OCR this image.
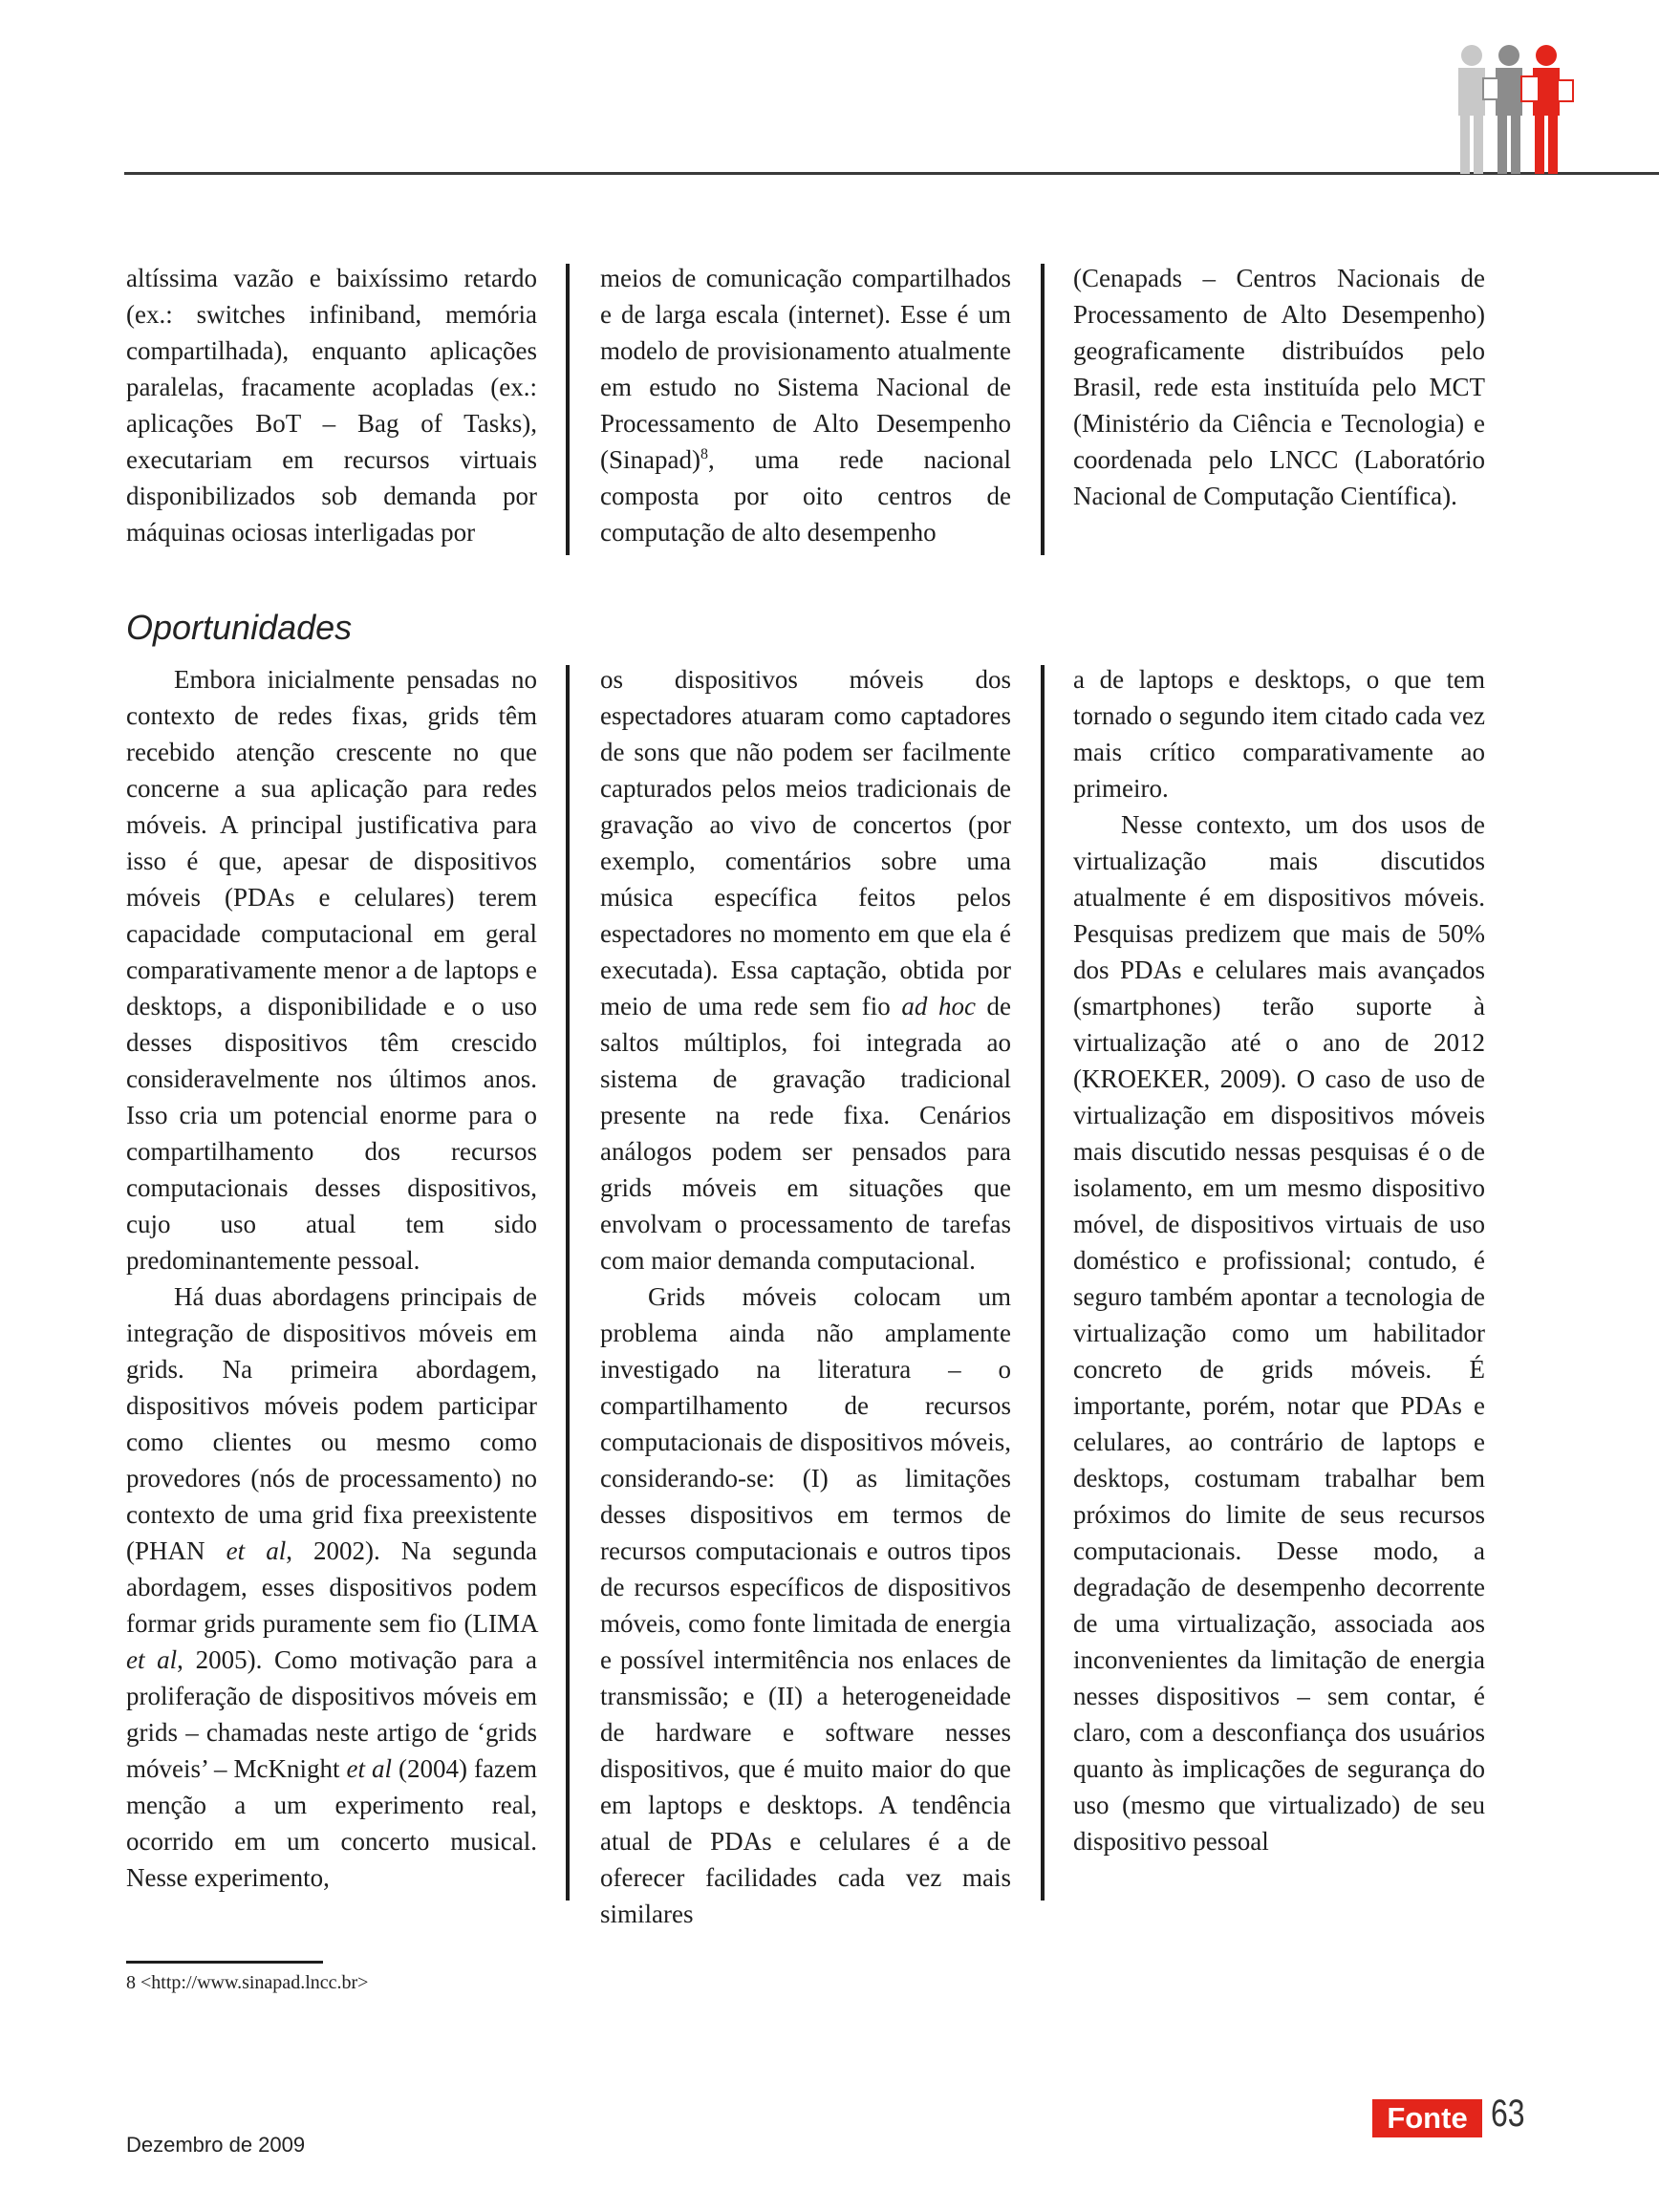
altíssima vazão e baixíssimo retardo (ex.: switches infiniband, memória compartilhada), enquanto aplicações paralelas, fracamente acopladas (ex.: aplicações BoT – Bag of Tasks), executariam em recursos virtuais disponibilizados sob demanda por máquinas ociosas interligadas por

meios de comunicação compartilhados e de larga escala (internet). Esse é um modelo de provisionamento atualmente em estudo no Sistema Nacional de Processamento de Alto Desempenho (Sinapad)$^8$, uma rede nacional composta por oito centros de computação de alto desempenho

(Cenapads – Centros Nacionais de Processamento de Alto Desempenho) geograficamente distribuídos pelo Brasil, rede esta instituída pelo MCT (Ministério da Ciência e Tecnologia) e coordenada pelo LNCC (Laboratório Nacional de Computação Científica).

Oportunidades

Embora inicialmente pensadas no contexto de redes fixas, grids têm recebido atenção crescente no que concerne a sua aplicação para redes móveis. A principal justificativa para isso é que, apesar de dispositivos móveis (PDAs e celulares) terem capacidade computacional em geral comparativamente menor a de laptops e desktops, a disponibilidade e o uso desses dispositivos têm crescido consideravelmente nos últimos anos. Isso cria um potencial enorme para o compartilhamento dos recursos computacionais desses dispositivos, cujo uso atual tem sido predominantemente pessoal.

Há duas abordagens principais de integração de dispositivos móveis em grids. Na primeira abordagem, dispositivos móveis podem participar como clientes ou mesmo como provedores (nós de processamento) no contexto de uma grid fixa preexistente (PHAN et al, 2002). Na segunda abordagem, esses dispositivos podem formar grids puramente sem fio (LIMA et al, 2005). Como motivação para a proliferação de dispositivos móveis em grids – chamadas neste artigo de ‘grids móveis’ – McKnight et al (2004) fazem menção a um experimento real, ocorrido em um concerto musical. Nesse experimento,

os dispositivos móveis dos espectadores atuaram como captadores de sons que não podem ser facilmente capturados pelos meios tradicionais de gravação ao vivo de concertos (por exemplo, comentários sobre uma música específica feitos pelos espectadores no momento em que ela é executada). Essa captação, obtida por meio de uma rede sem fio ad hoc de saltos múltiplos, foi integrada ao sistema de gravação tradicional presente na rede fixa. Cenários análogos podem ser pensados para grids móveis em situações que envolvam o processamento de tarefas com maior demanda computacional.

Grids móveis colocam um problema ainda não amplamente investigado na literatura – o compartilhamento de recursos computacionais de dispositivos móveis, considerando-se: (I) as limitações desses dispositivos em termos de recursos computacionais e outros tipos de recursos específicos de dispositivos móveis, como fonte limitada de energia e possível intermitência nos enlaces de transmissão; e (II) a heterogeneidade de hardware e software nesses dispositivos, que é muito maior do que em laptops e desktops. A tendência atual de PDAs e celulares é a de oferecer facilidades cada vez mais similares

a de laptops e desktops, o que tem tornado o segundo item citado cada vez mais crítico comparativamente ao primeiro.

Nesse contexto, um dos usos de virtualização mais discutidos atualmente é em dispositivos móveis. Pesquisas predizem que mais de 50% dos PDAs e celulares mais avançados (smartphones) terão suporte à virtualização até o ano de 2012 (KROEKER, 2009). O caso de uso de virtualização em dispositivos móveis mais discutido nessas pesquisas é o de isolamento, em um mesmo dispositivo móvel, de dispositivos virtuais de uso doméstico e profissional; contudo, é seguro também apontar a tecnologia de virtualização como um habilitador concreto de grids móveis. É importante, porém, notar que PDAs e celulares, ao contrário de laptops e desktops, costumam trabalhar bem próximos do limite de seus recursos computacionais. Desse modo, a degradação de desempenho decorrente de uma virtualização, associada aos inconvenientes da limitação de energia nesses dispositivos – sem contar, é claro, com a desconfiança dos usuários quanto às implicações de segurança do uso (mesmo que virtualizado) de seu dispositivo pessoal

8 <http://www.sinapad.lncc.br>
Dezembro de 2009
Fonte 63
